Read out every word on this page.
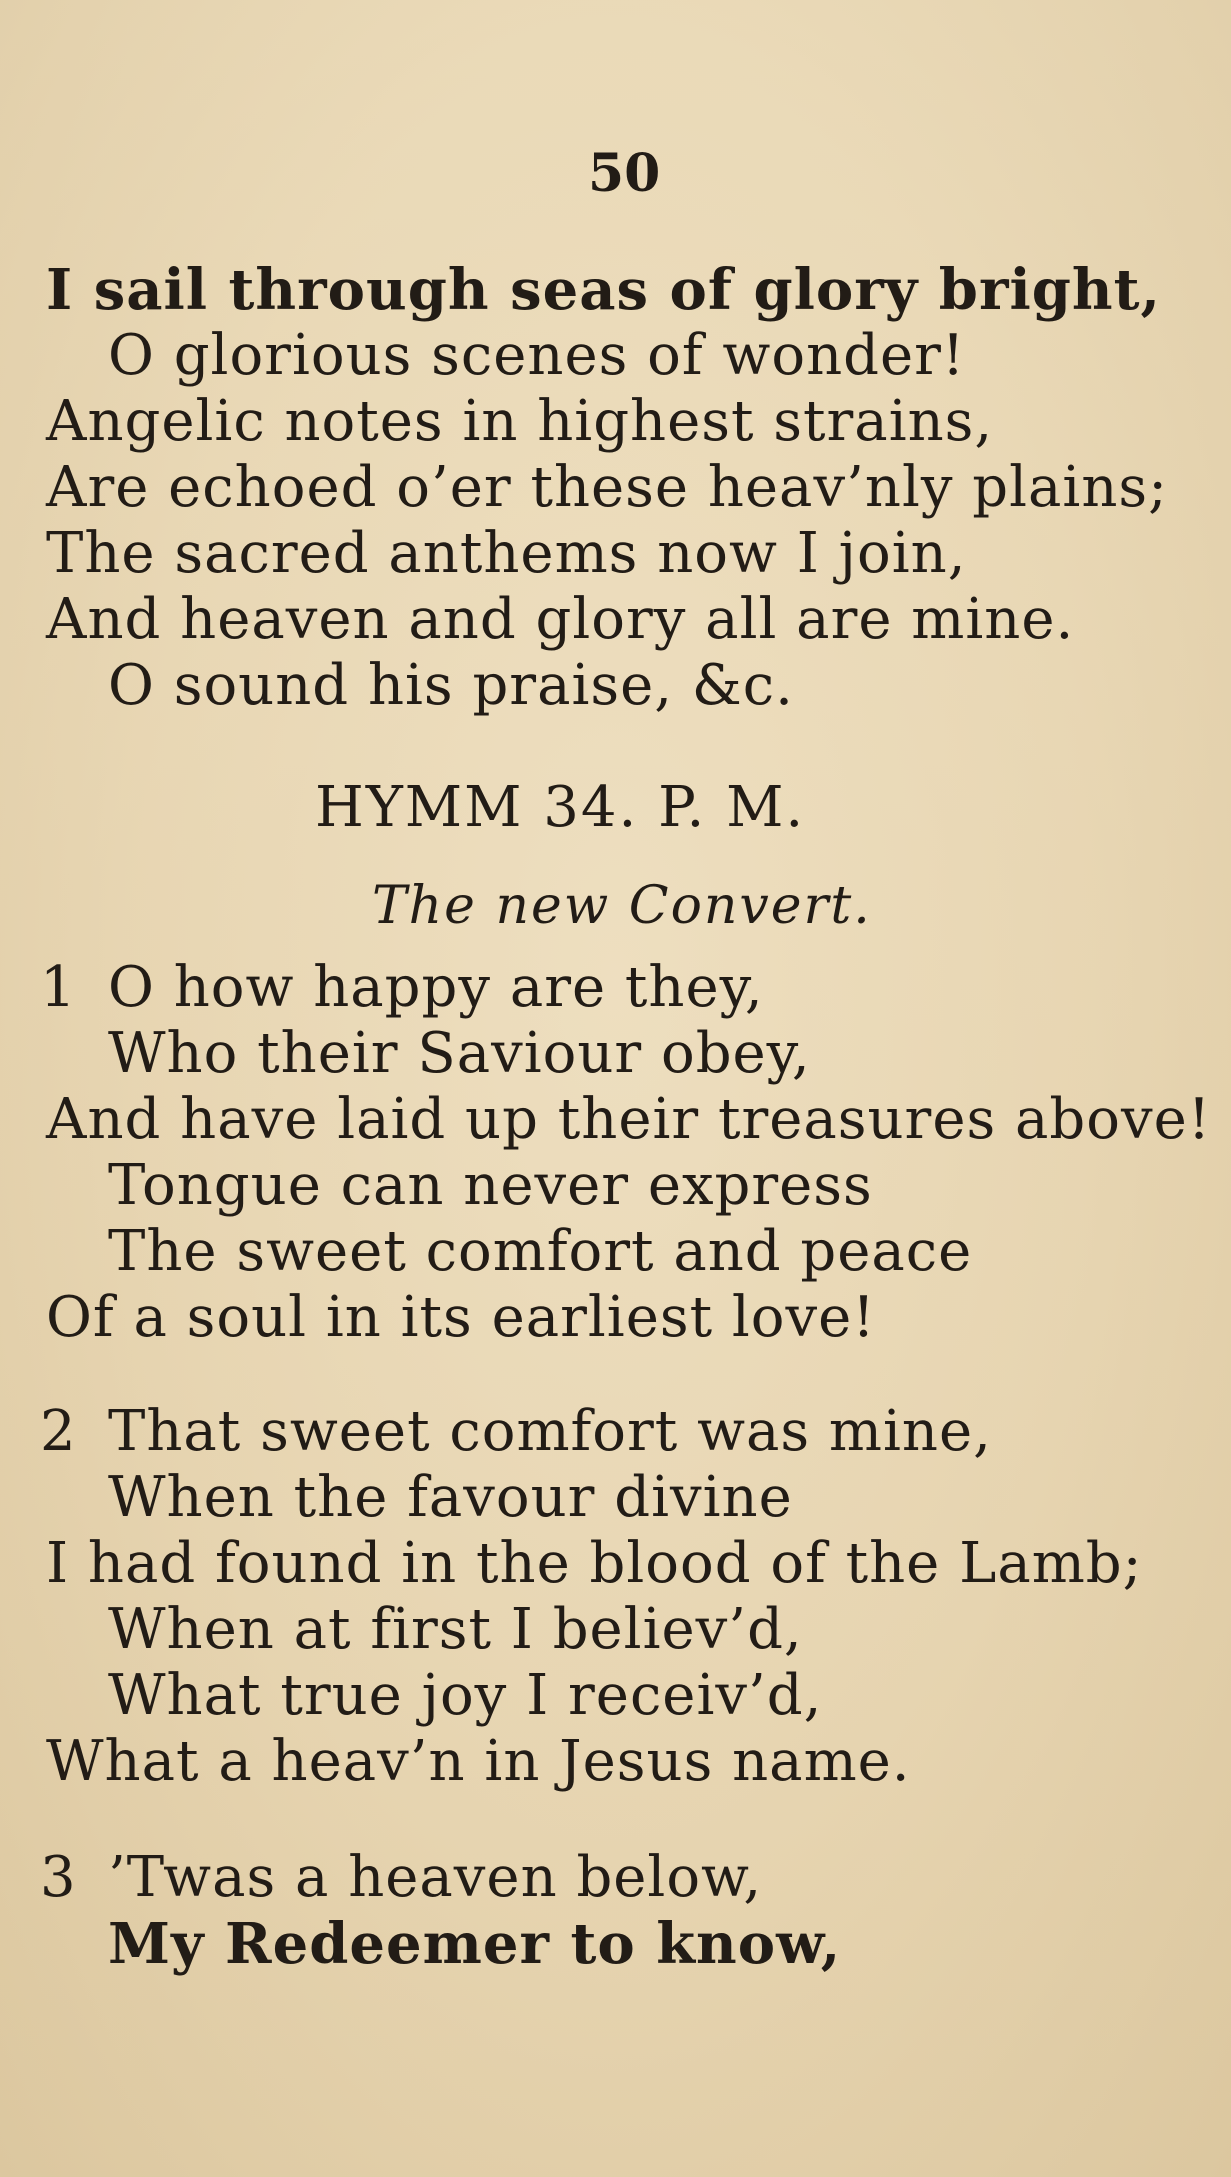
50
I sail through seas of glory bright,
O glorious scenes of wonder!
Angelic notes in highest strains,
Are echoed o’er these heav’nly plains;
The sacred anthems now I join,
And heaven and glory all are mine.
O sound his praise, &c.
HYMM 34. P. M.
The new Convert.
1 O how happy are they,
Who their Saviour obey,
And have laid up their treasures above!
Tongue can never express
The sweet comfort and peace
Of a soul in its earliest love!
2 That sweet comfort was mine,
When the favour divine
I had found in the blood of the Lamb;
When at first I believ’d,
What true joy I receiv’d,
What a heav’n in Jesus name.
3 ’Twas a heaven below,
My Redeemer to know,
